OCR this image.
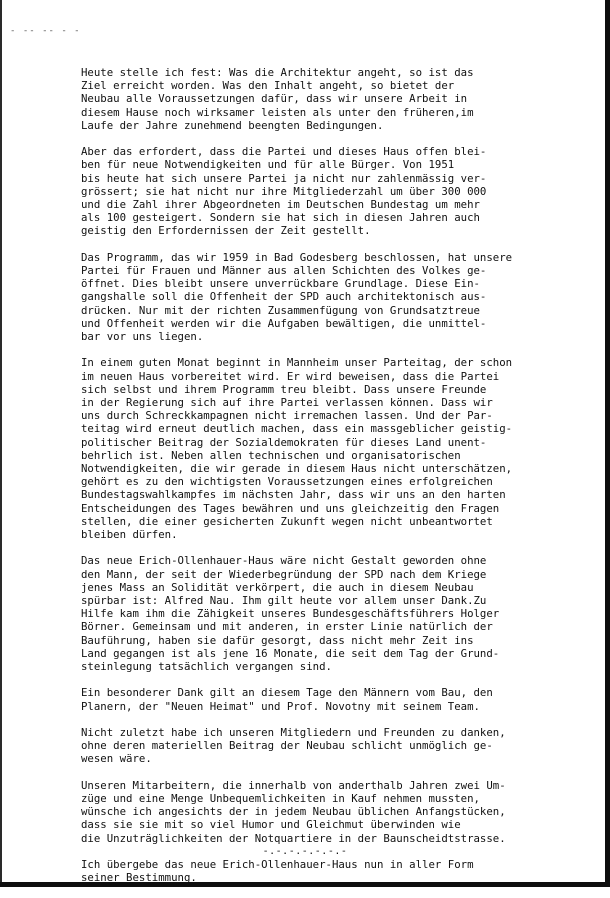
- -- -- - -
Heute stelle ich fest: Was die Architektur angeht, so ist das
Ziel erreicht worden. Was den Inhalt angeht, so bietet der
Neubau alle Voraussetzungen dafür, dass wir unsere Arbeit in
diesem Hause noch wirksamer leisten als unter den früheren,im
Laufe der Jahre zunehmend beengten Bedingungen.
Aber das erfordert, dass die Partei und dieses Haus offen blei-
ben für neue Notwendigkeiten und für alle Bürger. Von 1951
bis heute hat sich unsere Partei ja nicht nur zahlenmässig ver-
grössert; sie hat nicht nur ihre Mitgliederzahl um über 300 000
und die Zahl ihrer Abgeordneten im Deutschen Bundestag um mehr
als 100 gesteigert. Sondern sie hat sich in diesen Jahren auch
geistig den Erfordernissen der Zeit gestellt.
Das Programm, das wir 1959 in Bad Godesberg beschlossen, hat unsere
Partei für Frauen und Männer aus allen Schichten des Volkes ge-
öffnet. Dies bleibt unsere unverrückbare Grundlage. Diese Ein-
gangshalle soll die Offenheit der SPD auch architektonisch aus-
drücken. Nur mit der richten Zusammenfügung von Grundsatztreue
und Offenheit werden wir die Aufgaben bewältigen, die unmittel-
bar vor uns liegen.
In einem guten Monat beginnt in Mannheim unser Parteitag, der schon
im neuen Haus vorbereitet wird. Er wird beweisen, dass die Partei
sich selbst und ihrem Programm treu bleibt. Dass unsere Freunde
in der Regierung sich auf ihre Partei verlassen können. Dass wir
uns durch Schreckkampagnen nicht irremachen lassen. Und der Par-
teitag wird erneut deutlich machen, dass ein massgeblicher geistig-
politischer Beitrag der Sozialdemokraten für dieses Land unent-
behrlich ist. Neben allen technischen und organisatorischen
Notwendigkeiten, die wir gerade in diesem Haus nicht unterschätzen,
gehört es zu den wichtigsten Voraussetzungen eines erfolgreichen
Bundestagswahlkampfes im nächsten Jahr, dass wir uns an den harten
Entscheidungen des Tages bewähren und uns gleichzeitig den Fragen
stellen, die einer gesicherten Zukunft wegen nicht unbeantwortet
bleiben dürfen.
Das neue Erich-Ollenhauer-Haus wäre nicht Gestalt geworden ohne
den Mann, der seit der Wiederbegründung der SPD nach dem Kriege
jenes Mass an Solidität verkörpert, die auch in diesem Neubau
spürbar ist: Alfred Nau. Ihm gilt heute vor allem unser Dank.Zu
Hilfe kam ihm die Zähigkeit unseres Bundesgeschäftsführers Holger
Börner. Gemeinsam und mit anderen, in erster Linie natürlich der
Bauführung, haben sie dafür gesorgt, dass nicht mehr Zeit ins
Land gegangen ist als jene 16 Monate, die seit dem Tag der Grund-
steinlegung tatsächlich vergangen sind.
Ein besonderer Dank gilt an diesem Tage den Männern vom Bau, den
Planern, der "Neuen Heimat" und Prof. Novotny mit seinem Team.
Nicht zuletzt habe ich unseren Mitgliedern und Freunden zu danken,
ohne deren materiellen Beitrag der Neubau schlicht unmöglich ge-
wesen wäre.
Unseren Mitarbeitern, die innerhalb von anderthalb Jahren zwei Um-
züge und eine Menge Unbequemlichkeiten in Kauf nehmen mussten,
wünsche ich angesichts der in jedem Neubau üblichen Anfangstücken,
dass sie sie mit so viel Humor und Gleichmut überwinden wie
die Unzuträglichkeiten der Notquartiere in der Baunscheidtstrasse.
Ich übergebe das neue Erich-Ollenhauer-Haus nun in aller Form
seiner Bestimmung.
-.-.-.-.-.-.-
